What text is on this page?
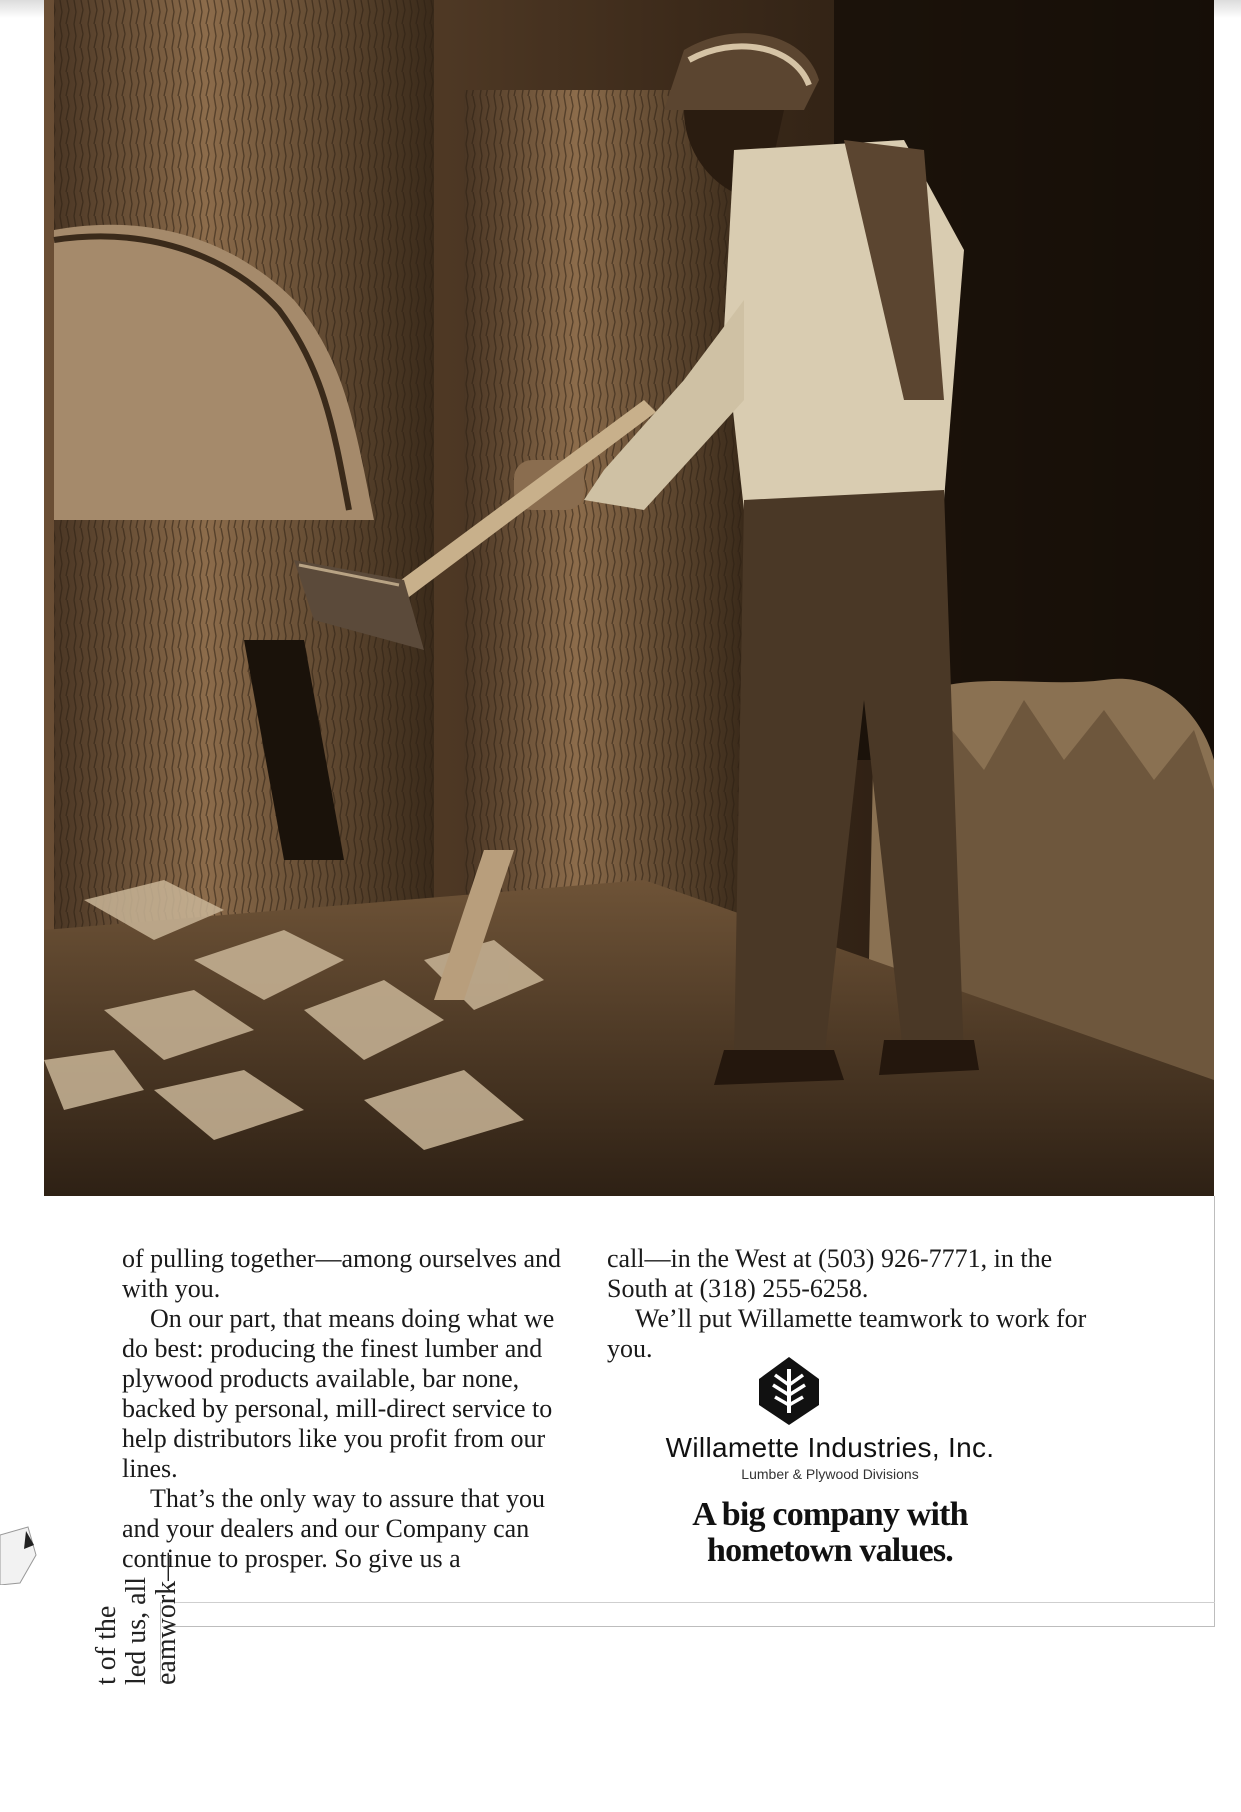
of pulling together—among ourselves and with you.

On our part, that means doing what we do best: producing the finest lumber and plywood products available, bar none, backed by personal, mill-direct service to help distributors like you profit from our lines.

That’s the only way to assure that you and your dealers and our Company can continue to prosper. So give us a

call—in the West at (503) 926-7771, in the South at (318) 255-6258.

We’ll put Willamette teamwork to work for you.

Willamette Industries, Inc.
Lumber & Plywood Divisions
A big company with
hometown values.
t of the led us, all eamwork—
